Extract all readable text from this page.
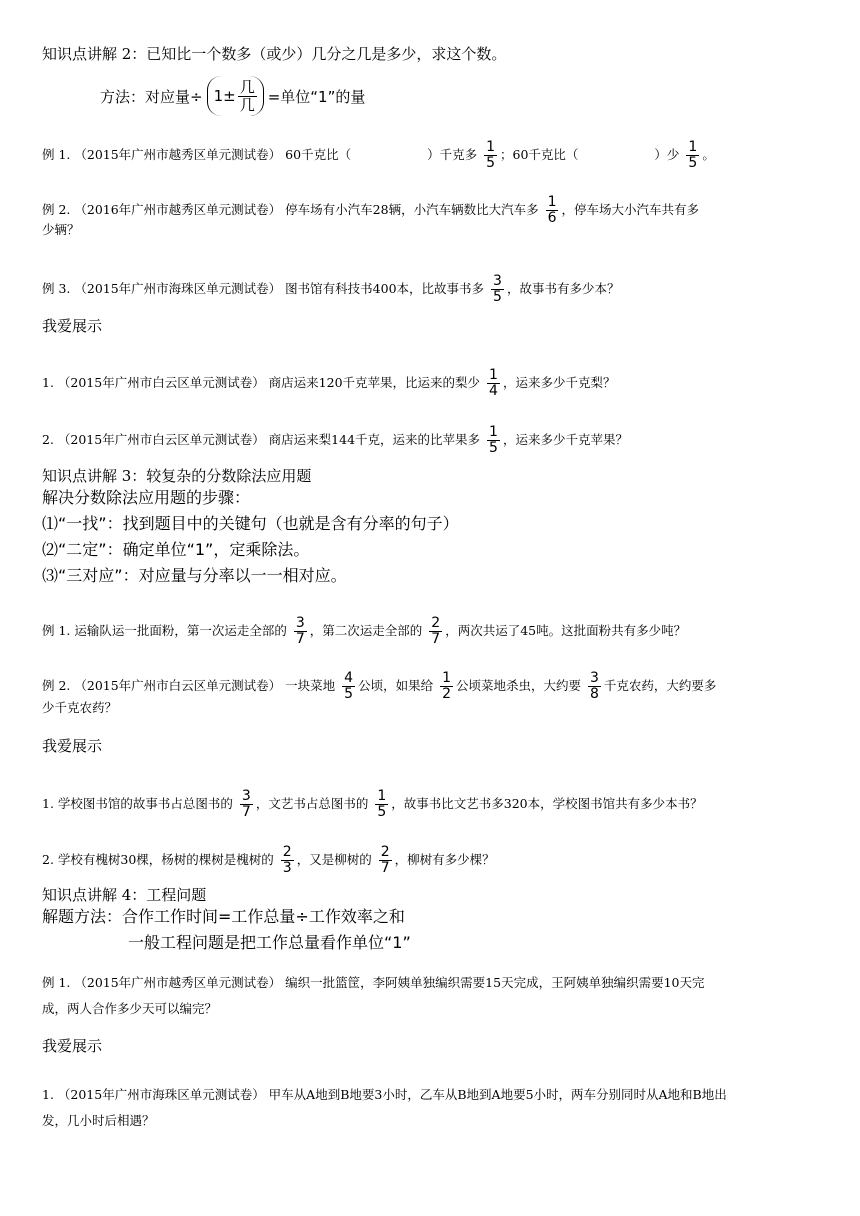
知识点讲解 2：已知比一个数多（或少）几分之几是多少，求这个数。
方法：对应量÷ $1\pm \frac{\text{几}}{\text{几}}$ =单位“1”的量
例 1. （2015年广州市越秀区单元测试卷） 60千克比（	）千克多 $\frac{1}{5}$ ；60千克比（	）少 $\frac{1}{5}$ 。
例 2. （2016年广州市越秀区单元测试卷） 停车场有小汽车28辆，小汽车辆数比大汽车多 $\frac{1}{6}$ ，停车场大小汽车共有多
少辆？
例 3. （2015年广州市海珠区单元测试卷） 图书馆有科技书400本，比故事书多 $\frac{3}{5}$ ，故事书有多少本？
我爱展示
1. （2015年广州市白云区单元测试卷） 商店运来120千克苹果，比运来的梨少 $\frac{1}{4}$ ，运来多少千克梨？
2. （2015年广州市白云区单元测试卷） 商店运来梨144千克，运来的比苹果多 $\frac{1}{5}$ ，运来多少千克苹果？
知识点讲解 3：较复杂的分数除法应用题
解决分数除法应用题的步骤：
⑴“一找”：找到题目中的关键句（也就是含有分率的句子）
⑵“二定”：确定单位“1”，定乘除法。
⑶“三对应”：对应量与分率以一一相对应。
例 1. 运输队运一批面粉，第一次运走全部的 $\frac{3}{7}$ ，第二次运走全部的 $\frac{2}{7}$ ，两次共运了45吨。这批面粉共有多少吨？
例 2. （2015年广州市白云区单元测试卷） 一块菜地 $\frac{4}{5}$ 公顷，如果给 $\frac{1}{2}$ 公顷菜地杀虫，大约要 $\frac{3}{8}$ 千克农药，大约要多
少千克农药？
我爱展示
1. 学校图书馆的故事书占总图书的 $\frac{3}{7}$ ，文艺书占总图书的 $\frac{1}{5}$ ，故事书比文艺书多320本，学校图书馆共有多少本书？
2. 学校有槐树30棵，杨树的棵树是槐树的 $\frac{2}{3}$ ，又是柳树的 $\frac{2}{7}$ ，柳树有多少棵？
知识点讲解 4：工程问题
解题方法：合作工作时间=工作总量÷工作效率之和
一般工程问题是把工作总量看作单位“1”
例 1. （2015年广州市越秀区单元测试卷） 编织一批篮筐，李阿姨单独编织需要15天完成，王阿姨单独编织需要10天完
成，两人合作多少天可以编完？
我爱展示
1. （2015年广州市海珠区单元测试卷） 甲车从A地到B地要3小时，乙车从B地到A地要5小时，两车分别同时从A地和B地出
发，几小时后相遇？
